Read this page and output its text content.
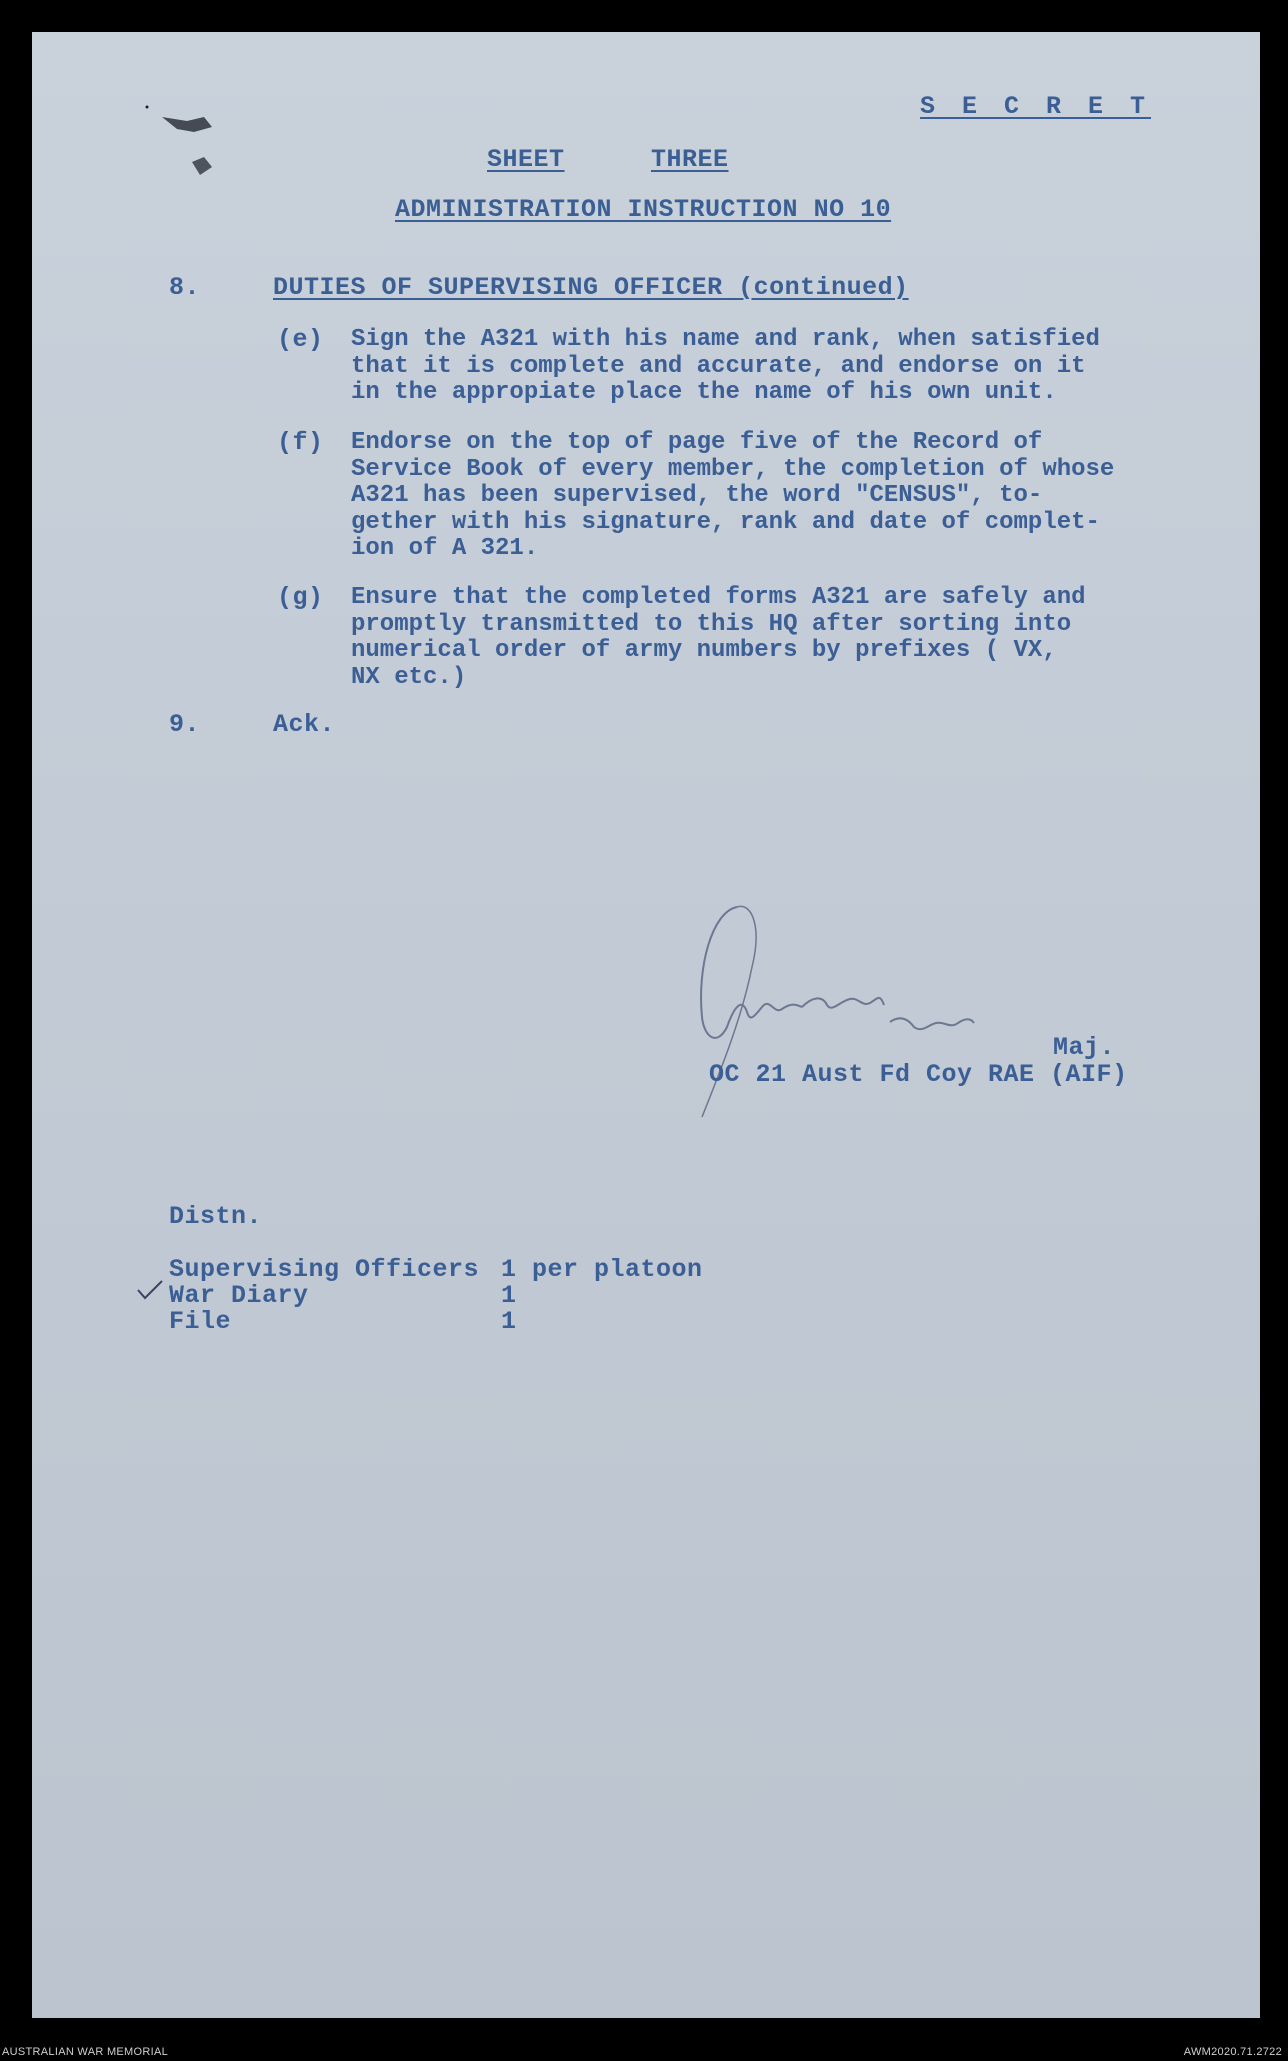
S E C R E T
SHEET	THREE
ADMINISTRATION INSTRUCTION NO 10
8.	DUTIES OF SUPERVISING OFFICER (continued)
(e) Sign the A321 with his name and rank, when satisfied
that it is complete and accurate, and endorse on it
in the appropiate place the name of his own unit.
(f) Endorse on the top of page five of the Record of
Service Book of every member, the completion of whose
A321 has been supervised, the word "CENSUS", to-
gether with his signature, rank and date of complet-
ion of A 321.
(g) Ensure that the completed forms A321 are safely and
promptly transmitted to this HQ after sorting into
numerical order of army numbers by prefixes ( VX,
NX etc.)
9.	Ack.
Maj.
OC 21 Aust Fd Coy RAE (AIF)
Distn.
Supervising Officers 1 per platoon
War Diary	1
File	1
AUSTRALIAN WAR MEMORIAL	AWM2020.71.2722
